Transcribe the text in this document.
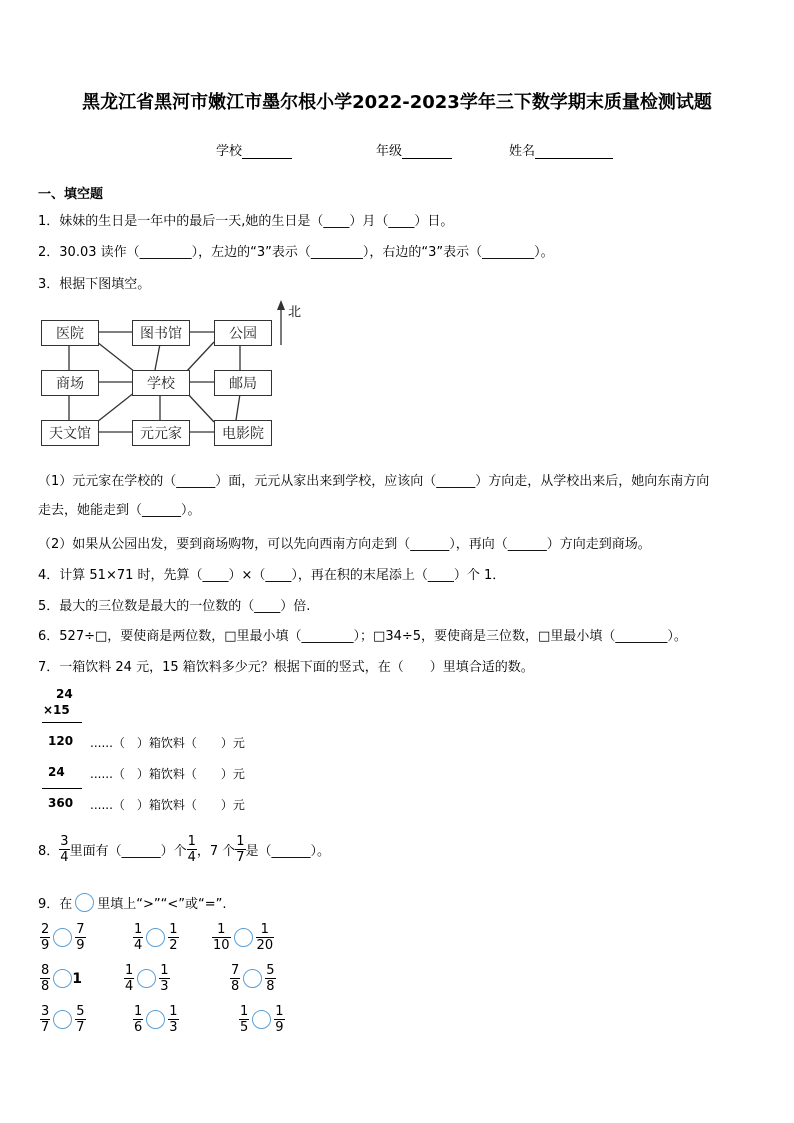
黑龙江省黑河市嫩江市墨尔根小学2022-2023学年三下数学期末质量检测试题
学校	年级	姓名
一、填空题
1．妹妹的生日是一年中的最后一天,她的生日是（____）月（____）日。
2．30.03 读作（________），左边的“3”表示（________），右边的“3”表示（________）。
3．根据下图填空。
北
医院	图书馆	公园
商场	学校	邮局
天文馆	元元家	电影院
（1）元元家在学校的（______）面，元元从家出来到学校，应该向（______）方向走，从学校出来后，她向东南方向
走去，她能走到（______）。
（2）如果从公园出发，要到商场购物，可以先向西南方向走到（______），再向（______）方向走到商场。
4．计算 51×71 时，先算（____）×（____），再在积的末尾添上（____）个 1．
5．最大的三位数是最大的一位数的（____）倍.
6．527÷□，要使商是两位数，□里最小填（________）；□34÷5，要使商是三位数，□里最小填（________）。
7．一箱饮料 24 元，15 箱饮料多少元？根据下面的竖式，在（　　）里填合适的数。
24
×15
120 ......（　）箱饮料（　　）元
24 ......（　）箱饮料（　　）元
360 ......（　）箱饮料（　　）元
8． $\frac{3}{4}$ 里面有（______）个 $\frac{1}{4}$ ，7 个 $\frac{1}{7}$ 是（______）。
9．在 里填上“>”“<”或“=”.
$\frac{2}{9} \frac{7}{9}$	$\frac{1}{4} \frac{1}{2}$	$\frac{1}{10} \frac{1}{20}$
$\frac{8}{8} 1$	$\frac{1}{4} \frac{1}{3}$	$\frac{7}{8} \frac{5}{8}$
$\frac{3}{7} \frac{5}{7}$	$\frac{1}{6} \frac{1}{3}$	$\frac{1}{5} \frac{1}{9}$
